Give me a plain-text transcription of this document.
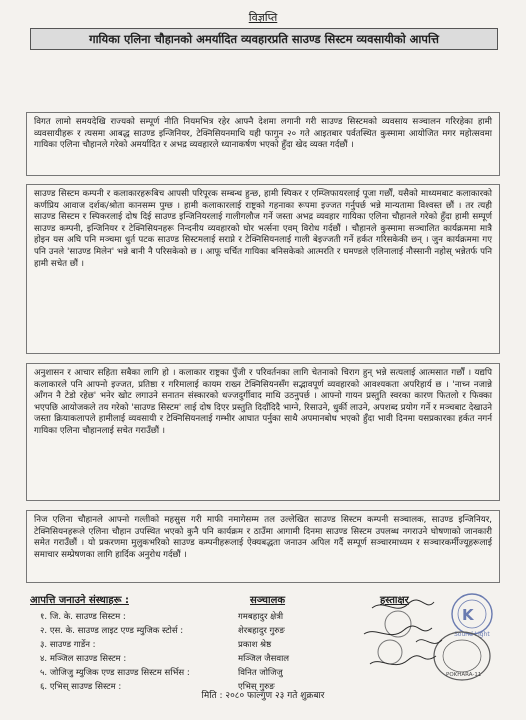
विज्ञप्ति
गायिका एलिना चौहानको अमर्यादित व्यवहारप्रति साउण्ड सिस्टम व्यवसायीको आपत्ति
विगत लामो समयदेखि राज्यको सम्पूर्ण नीति नियमभित्र रहेर आफ्नै देशमा लगानी गरी साउण्ड सिस्टमको व्यवसाय सञ्चालन गरिरहेका हामी व्यवसायीहरू र त्यसमा आबद्ध साउण्ड इन्जिनियर, टेक्निसियनमाथि यही फागुन २० गते आइतबार पर्वतस्थित कुस्मामा आयोजित मगर महोत्सवमा गायिका एलिना चौहानले गरेको अमर्यादित र अभद्र व्यवहारले ध्यानाकर्षण भएको हुँदा खेद व्यक्त गर्दछौं ।
साउण्ड सिस्टम कम्पनी र कलाकारहरूबिच आपसी परिपूरक सम्बन्ध हुन्छ, हामी स्पिकर र एम्प्लिफायरलाई पूजा गर्छौं, यसैको माध्यमबाट कलाकारको कर्णप्रिय आवाज दर्शक/श्रोता कानसम्म पुग्छ । हामी कलाकारलाई राष्ट्रको गहनाका रूपमा इज्जत गर्नुपर्छ भन्ने मान्यतामा विश्वस्त छौं । तर त्यही साउण्ड सिस्टम र स्पिकरलाई दोष दिई साउण्ड इन्जिनियरलाई गालीगलौज गर्ने जस्ता अभद्र व्यवहार गायिका एलिना चौहानले गरेको हुँदा हामी सम्पूर्ण साउण्ड कम्पनी, इन्जिनियर र टेक्निसियनहरू निन्दनीय व्यवहारको घोर भर्त्सना एवम् विरोध गर्दछौं । चौहानले कुस्मामा सञ्चालित कार्यक्रममा मात्रै होइन यस अघि पनि मञ्चमा धुर्त पटक साउण्ड सिस्टमलाई सराप्ने र टेक्निसियनलाई गाली बेइज्जती गर्ने हर्कत गरिसकेकी छन् । जुन कार्यक्रममा गए पनि उनले 'साउण्ड मिलेन' भन्ने बानी नै परिसकेको छ । आफू चर्चित गायिका बनिसकेको आत्मरति र घमण्डले एलिनालाई नौस्सानी नहोस् भन्नेतर्फ पनि हामी सचेत छौं ।
अनुशासन र आचार सहिता सबैका लागि हो । कलाकार राष्ट्रका पुँजी र परिवर्तनका लागि चेतनाको चिराग हुन् भन्ने सत्यलाई आत्मसात गर्छौं । यद्यपि कलाकारले पनि आफ्नो इज्जत, प्रतिष्ठा र गरिमालाई कायम राख्न टेक्निसियनसँग सद्भावपूर्ण व्यवहारको आवश्यकता अपरिहार्य छ । 'नाच्न नजान्ने आँगन नै टेडो रहेछ' भनेर खोट लगाउने सनातन संस्कारको धज्जदुर्गीवाद माथि उठनुपर्छ । आफ्नो गायन प्रस्तुति स्वरका कारण फितलो र फिक्का भएपछि आयोजकले तय गरेको 'साउण्ड सिस्टम' लाई दोष दिएर प्रस्तुति दिदाँदिदै भाग्ने, रिसाउने, धुर्की लाउने, अपशब्द प्रयोग गर्ने र मञ्चबाट देखाउने जस्ता क्रियाकलापले हामीलाई व्यवसायी र टेक्निसियनलाई गम्भीर आघात पर्नुका साथै अपमानबोध भएको हुँदा भावी दिनमा यसप्रकारका हर्कत नगर्न गायिका एलिना चौहानलाई सचेत गराउँछौं ।
निज एलिना चौहानले आफ्नो गल्तीको महसुस गरी माफी नमागेसम्म तल उल्लेखित साउण्ड सिस्टम कम्पनी सञ्चालक, साउण्ड इन्जिनियर, टेक्निसियनहरूले एलिना चौहान उपस्थित भएको कुनै पनि कार्यक्रम र ठाउँमा आगामी दिनमा साउण्ड सिस्टम उपलब्ध नगराउने घोषणाको जानकारी समेत गराउँछौं । यो प्रकरणमा मुलुकभरिको साउण्ड कम्पनीहरूलाई ऐक्यबद्धता जनाउन अपिल गर्दै सम्पूर्ण सञ्चारमाध्यम र सञ्चारकर्मीज्यूहरूलाई समाचार सम्प्रेषणका लागि हार्दिक अनुरोध गर्दछौं ।
आपत्ति जनाउने संस्थाहरू :	सञ्चालक	हस्ताक्षर
१. जि. के. साउण्ड सिस्टम :
२. एस. के. साउण्ड लाइट एण्ड म्युजिक स्टोर्स :
३. साउण्ड गार्डेन :
४. मञ्जिल साउण्ड सिस्टम :
५. जोजिजु म्युजिक एण्ड साउण्ड सिस्टम सर्भिस :
६. एभिस् साउण्ड सिस्टम :
गमबहादुर क्षेत्री
शेरबहादुर गुरुङ
प्रकाश श्रेष्ठ
मञ्जिल जैसवाल
विनित जोजिजु
एभिस् गुरुङ
K
Sound Light
POKHARA-11
मिति : २०८० फाल्गुण २३ गते शुक्रबार
